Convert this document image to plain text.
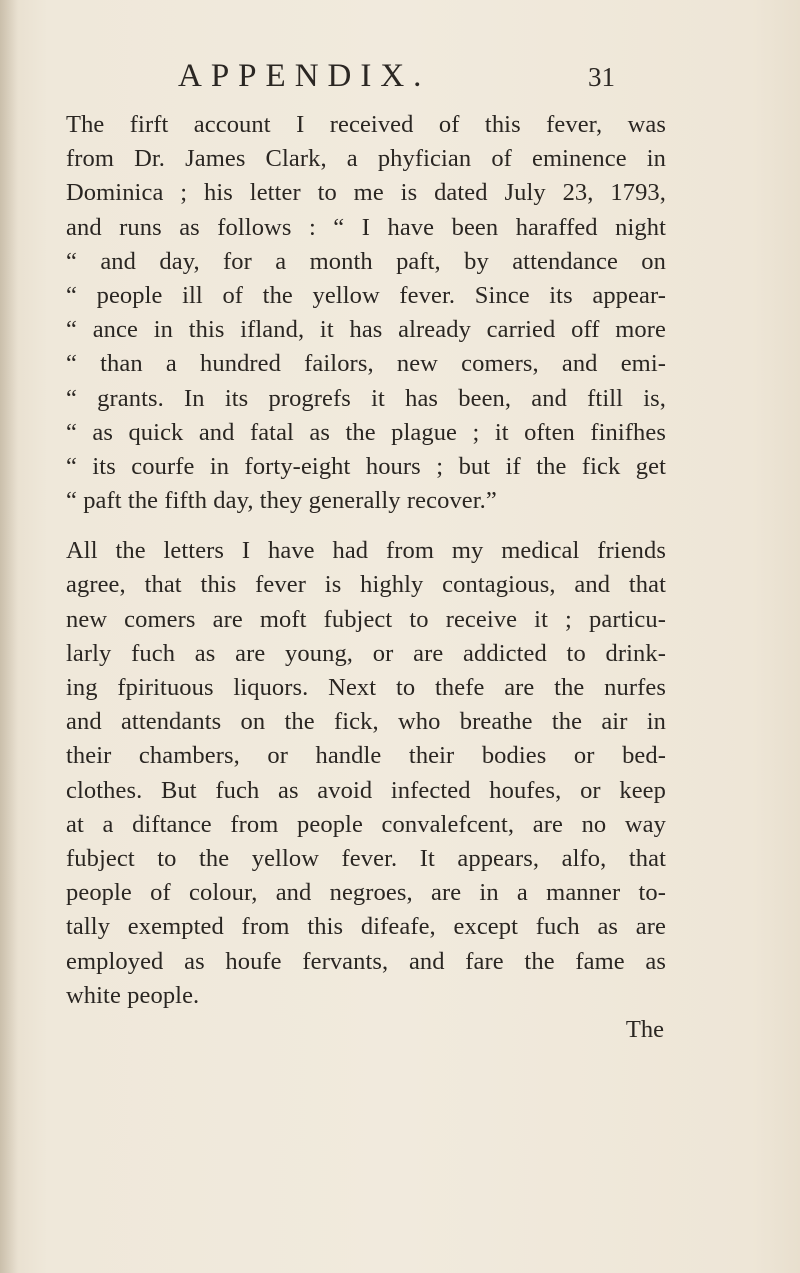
APPENDIX.	31
The firft account I received of this fever, was
from Dr. James Clark, a phyfician of eminence in
Dominica ; his letter to me is dated July 23, 1793,
and runs as follows : “ I have been haraffed night
“ and day, for a month paft, by attendance on
“ people ill of the yellow fever. Since its appear-
“ ance in this ifland, it has already carried off more
“ than a hundred failors, new comers, and emi-
“ grants. In its progrefs it has been, and ftill is,
“ as quick and fatal as the plague ; it often finifhes
“ its courfe in forty-eight hours ; but if the fick get
“ paft the fifth day, they generally recover.”
All the letters I have had from my medical friends
agree, that this fever is highly contagious, and that
new comers are moft fubject to receive it ; particu-
larly fuch as are young, or are addicted to drink-
ing fpirituous liquors. Next to thefe are the nurfes
and attendants on the fick, who breathe the air in
their chambers, or handle their bodies or bed-
clothes. But fuch as avoid infected houfes, or keep
at a diftance from people convalefcent, are no way
fubject to the yellow fever. It appears, alfo, that
people of colour, and negroes, are in a manner to-
tally exempted from this difeafe, except fuch as are
employed as houfe fervants, and fare the fame as
white people.
The
